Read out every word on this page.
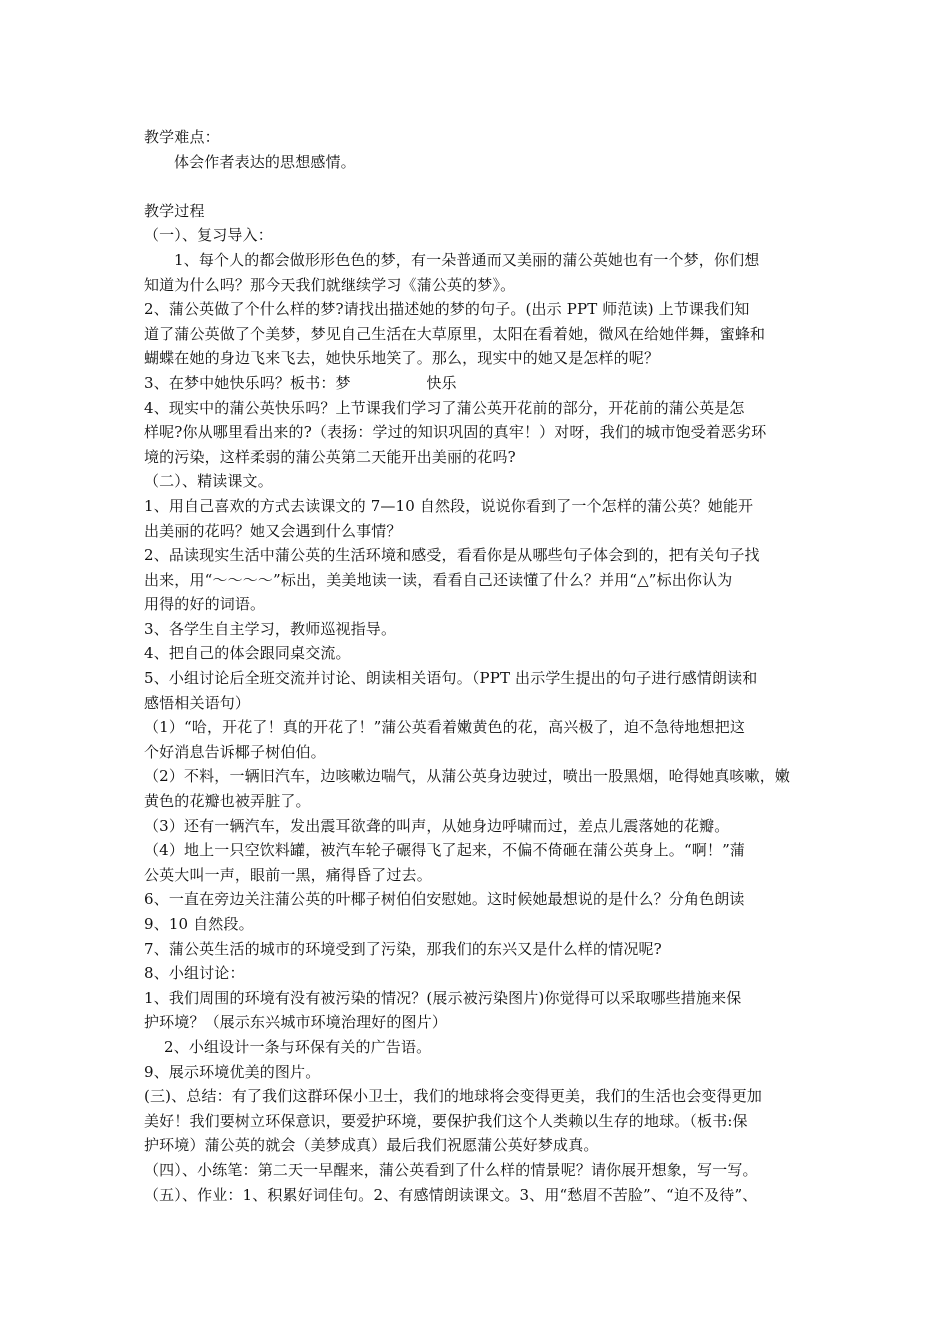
教学难点：
体会作者表达的思想感情。

教学过程
（一）、复习导入：
1、每个人的都会做形形色色的梦，有一朵普通而又美丽的蒲公英她也有一个梦，你们想
知道为什么吗？那今天我们就继续学习《蒲公英的梦》。
2、蒲公英做了个什么样的梦?请找出描述她的梦的句子。(出示 PPT 师范读) 上节课我们知
道了蒲公英做了个美梦，梦见自己生活在大草原里，太阳在看着她，微风在给她伴舞，蜜蜂和
蝴蝶在她的身边飞来飞去，她快乐地笑了。那么，现实中的她又是怎样的呢？
3、在梦中她快乐吗？板书：梦　　　　　快乐
4、现实中的蒲公英快乐吗？上节课我们学习了蒲公英开花前的部分，开花前的蒲公英是怎
样呢?你从哪里看出来的?（表扬：学过的知识巩固的真牢！）对呀，我们的城市饱受着恶劣环
境的污染，这样柔弱的蒲公英第二天能开出美丽的花吗?
（二）、精读课文。
1、用自己喜欢的方式去读课文的 7—10 自然段，说说你看到了一个怎样的蒲公英？她能开
出美丽的花吗？她又会遇到什么事情？
2、品读现实生活中蒲公英的生活环境和感受，看看你是从哪些句子体会到的，把有关句子找
出来，用“～～～～”标出，美美地读一读，看看自己还读懂了什么？并用“△”标出你认为
用得的好的词语。
3、各学生自主学习，教师巡视指导。
4、把自己的体会跟同桌交流。
5、小组讨论后全班交流并讨论、朗读相关语句。（PPT 出示学生提出的句子进行感情朗读和
感悟相关语句）
（1）“哈，开花了！真的开花了！”蒲公英看着嫩黄色的花，高兴极了，迫不急待地想把这
个好消息告诉椰子树伯伯。
（2）不料，一辆旧汽车，边咳嗽边喘气，从蒲公英身边驶过，喷出一股黑烟，呛得她真咳嗽，嫩
黄色的花瓣也被弄脏了。
（3）还有一辆汽车，发出震耳欲聋的叫声，从她身边呼啸而过，差点儿震落她的花瓣。
（4）地上一只空饮料罐，被汽车轮子碾得飞了起来，不偏不倚砸在蒲公英身上。“啊！”蒲
公英大叫一声，眼前一黑，痛得昏了过去。
6、一直在旁边关注蒲公英的叶椰子树伯伯安慰她。这时候她最想说的是什么？分角色朗读
9、10 自然段。
7、蒲公英生活的城市的环境受到了污染，那我们的东兴又是什么样的情况呢?
8、小组讨论：
1、我们周围的环境有没有被污染的情况？(展示被污染图片)你觉得可以采取哪些措施来保
护环境？（展示东兴城市环境治理好的图片）
2、小组设计一条与环保有关的广告语。
9、展示环境优美的图片。
(三)、总结：有了我们这群环保小卫士，我们的地球将会变得更美，我们的生活也会变得更加
美好！我们要树立环保意识，要爱护环境，要保护我们这个人类赖以生存的地球。（板书:保
护环境）蒲公英的就会（美梦成真）最后我们祝愿蒲公英好梦成真。
（四）、小练笔：第二天一早醒来，蒲公英看到了什么样的情景呢？请你展开想象，写一写。
（五）、作业：1、积累好词佳句。2、有感情朗读课文。3、用“愁眉不苦脸”、“迫不及待”、
